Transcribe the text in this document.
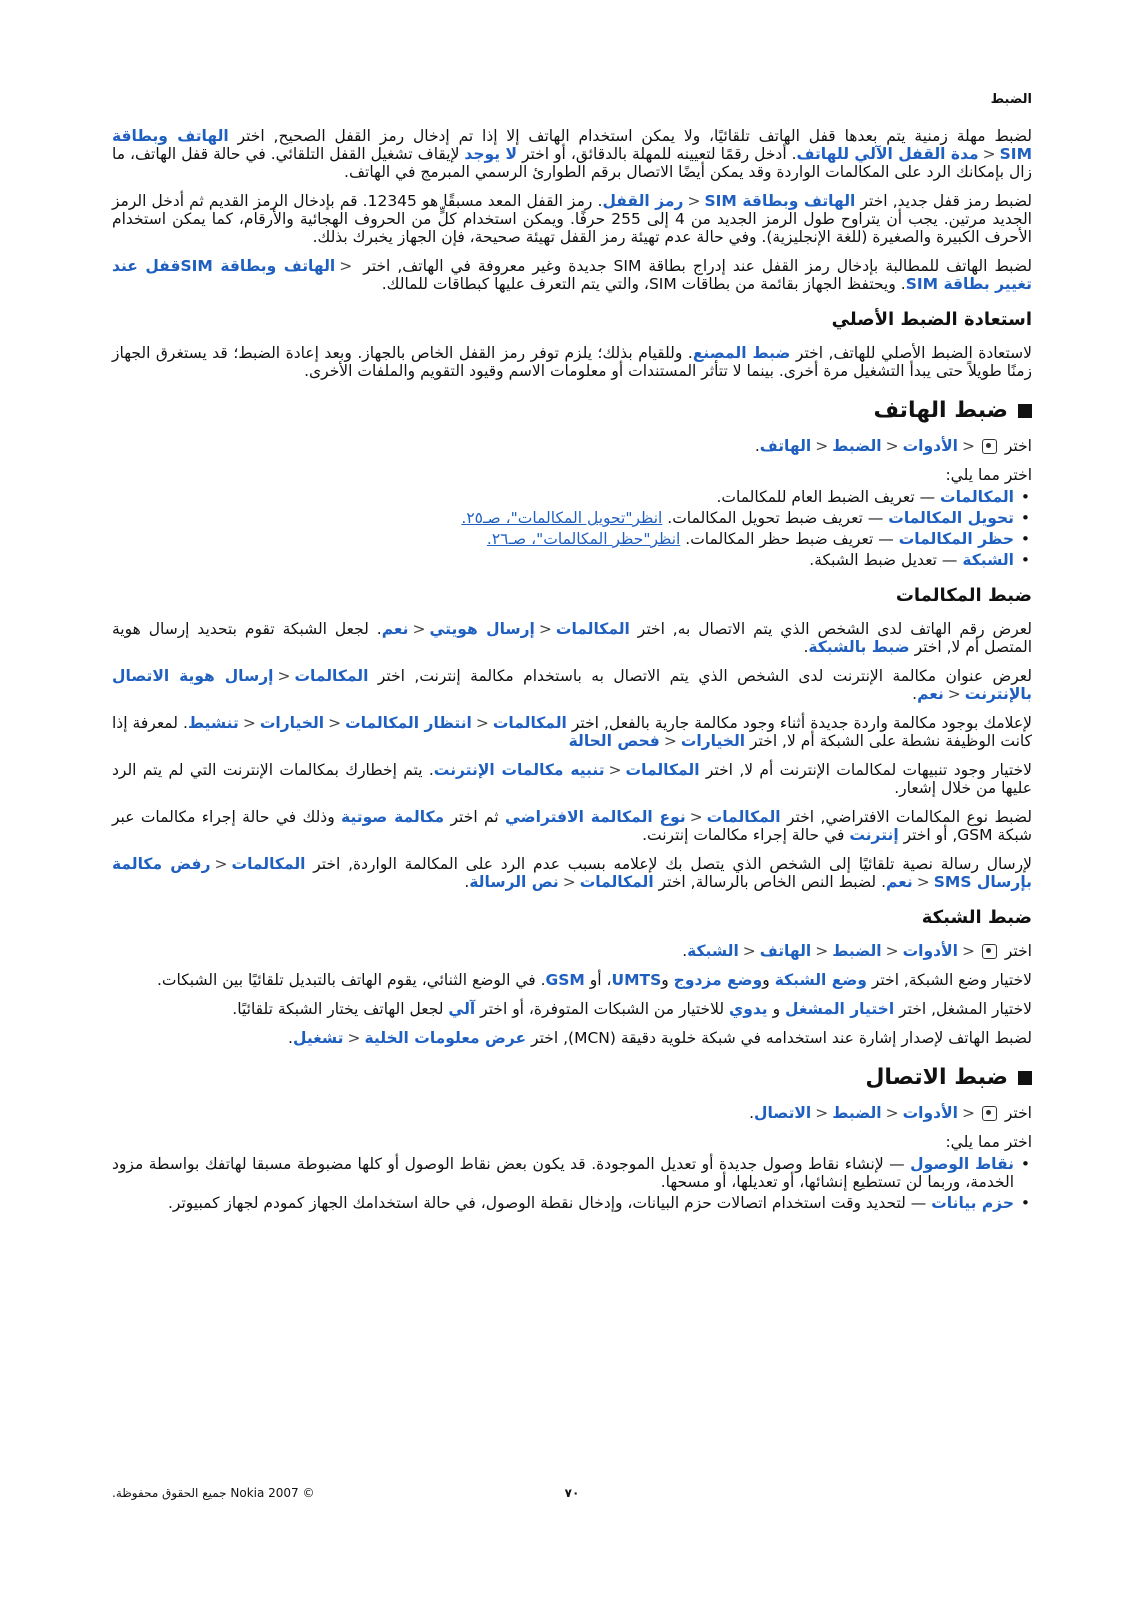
الضبط

لضبط مهلة زمنية يتم بعدها قفل الهاتف تلقائيًا، ولا يمكن استخدام الهاتف إلا إذا تم إدخال رمز القفل الصحيح, اختر الهاتف وبطاقة SIM<مدة القفل الآلي للهاتف. أدخل رقمًا لتعيينه للمهلة بالدقائق، أو اختر لا يوجد لإيقاف تشغيل القفل التلقائي. في حالة قفل الهاتف، ما زال بإمكانك الرد على المكالمات الواردة وقد يمكن أيضًا الاتصال برقم الطوارئ الرسمي المبرمج في الهاتف.

لضبط رمز قفل جديد, اختر الهاتف وبطاقة SIM<رمز القفل. رمز القفل المعد مسبقًا هو 12345. قم بإدخال الرمز القديم ثم أدخل الرمز الجديد مرتين. يجب أن يتراوح طول الرمز الجديد من 4 إلى 255 حرفًا. ويمكن استخدام كلٍّ من الحروف الهجائية والأرقام، كما يمكن استخدام الأحرف الكبيرة والصغيرة (للغة الإنجليزية). وفي حالة عدم تهيئة رمز القفل تهيئة صحيحة، فإن الجهاز يخبرك بذلك.

لضبط الهاتف للمطالبة بإدخال رمز القفل عند إدراج بطاقة SIM جديدة وغير معروفة في الهاتف, اختر <الهاتف وبطاقة SIMقفل عند تغيير بطاقة SIM. ويحتفظ الجهاز بقائمة من بطاقات SIM، والتي يتم التعرف عليها كبطاقات للمالك.

استعادة الضبط الأصلي

لاستعادة الضبط الأصلي للهاتف, اختر ضبط المصنع. وللقيام بذلك؛ يلزم توفر رمز القفل الخاص بالجهاز. وبعد إعادة الضبط؛ قد يستغرق الجهاز زمنًا طويلاً حتى يبدأ التشغيل مرة أخرى. بينما لا تتأثر المستندات أو معلومات الاسم وقيود التقويم والملفات الأخرى.

ضبط الهاتف

اختر <الأدوات<الضبط<الهاتف.

اختر مما يلي:

• المكالمات — تعريف الضبط العام للمكالمات.
• تحويل المكالمات — تعريف ضبط تحويل المكالمات. انظر"تحويل المكالمات"، صـ٢٥.
• حظر المكالمات — تعريف ضبط حظر المكالمات. انظر"حظر المكالمات"، صـ٢٦.
• الشبكة — تعديل ضبط الشبكة.
ضبط المكالمات

لعرض رقم الهاتف لدى الشخص الذي يتم الاتصال به, اختر المكالمات<إرسال هويتي<نعم. لجعل الشبكة تقوم بتحديد إرسال هوية المتصل أم لا, اختر ضبط بالشبكة.

لعرض عنوان مكالمة الإنترنت لدى الشخص الذي يتم الاتصال به باستخدام مكالمة إنترنت, اختر المكالمات<إرسال هوية الاتصال بالإنترنت<نعم.

لإعلامك بوجود مكالمة واردة جديدة أثناء وجود مكالمة جارية بالفعل, اختر المكالمات<انتظار المكالمات<الخيارات<تنشيط. لمعرفة إذا كانت الوظيفة نشطة على الشبكة أم لا, اختر الخيارات<فحص الحالة

لاختيار وجود تنبيهات لمكالمات الإنترنت أم لا, اختر المكالمات<تنبيه مكالمات الإنترنت. يتم إخطارك بمكالمات الإنترنت التي لم يتم الرد عليها من خلال إشعار.

لضبط نوع المكالمات الافتراضي, اختر المكالمات<نوع المكالمة الافتراضي ثم اختر مكالمة صوتية وذلك في حالة إجراء مكالمات عبر شبكة GSM, أو اختر إنترنت في حالة إجراء مكالمات إنترنت.

لإرسال رسالة نصية تلقائيًا إلى الشخص الذي يتصل بك لإعلامه بسبب عدم الرد على المكالمة الواردة, اختر المكالمات<رفض مكالمة بإرسال SMS<نعم. لضبط النص الخاص بالرسالة, اختر المكالمات<نص الرسالة.

ضبط الشبكة

اختر <الأدوات<الضبط<الهاتف<الشبكة.

لاختيار وضع الشبكة, اختر وضع الشبكة ووضع مزدوج وUMTS، أو GSM. في الوضع الثنائي، يقوم الهاتف بالتبديل تلقائيًا بين الشبكات.

لاختيار المشغل, اختر اختيار المشغل و يدوي للاختيار من الشبكات المتوفرة، أو اختر آلي لجعل الهاتف يختار الشبكة تلقائيًا.

لضبط الهاتف لإصدار إشارة عند استخدامه في شبكة خلوية دقيقة (MCN), اختر عرض معلومات الخلية<تشغيل.

ضبط الاتصال

اختر <الأدوات<الضبط<الاتصال.

اختر مما يلي:

• نقاط الوصول — لإنشاء نقاط وصول جديدة أو تعديل الموجودة. قد يكون بعض نقاط الوصول أو كلها مضبوطة مسبقا لهاتفك بواسطة مزود الخدمة، وربما لن تستطيع إنشائها، أو تعديلها، أو مسحها.
• حزم بيانات — لتحديد وقت استخدام اتصالات حزم البيانات، وإدخال نقطة الوصول، في حالة استخدامك الجهاز كمودم لجهاز كمبيوتر.
٧٠
© Nokia 2007 جميع الحقوق محفوظة.
